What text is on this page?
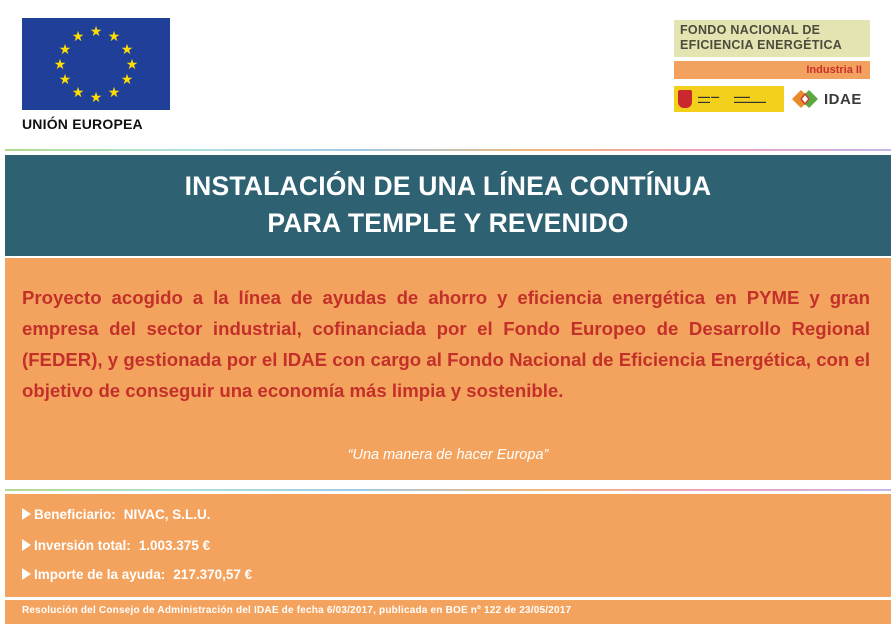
★ ★
★
★
★
★
★
★
★
★
★
★
UNIÓN EUROPEA
FONDO NACIONAL DE
EFICIENCIA ENERGÉTICA
Industria II
▬▬▬ ▬▬ ▬▬▬
▬▬▬▬ ▬▬▬▬▬▬▬▬	IDAE
INSTALACIÓN DE UNA LÍNEA CONTÍNUA
PARA TEMPLE Y REVENIDO
Proyecto acogido a la línea de ayudas de ahorro y eficiencia energética en PYME y gran empresa del sector industrial, cofinanciada por el Fondo Europeo de Desarrollo Regional (FEDER), y gestionada por el IDAE con cargo al Fondo Nacional de Eficiencia Energética, con el objetivo de conseguir una economía más limpia y sostenible.
“Una manera de hacer Europa”
Beneficiario: NIVAC, S.L.U.
Inversión total: 1.003.375 €
Importe de la ayuda: 217.370,57 €
Resolución del Consejo de Administración del IDAE de fecha 6/03/2017, publicada en BOE nº 122 de 23/05/2017
